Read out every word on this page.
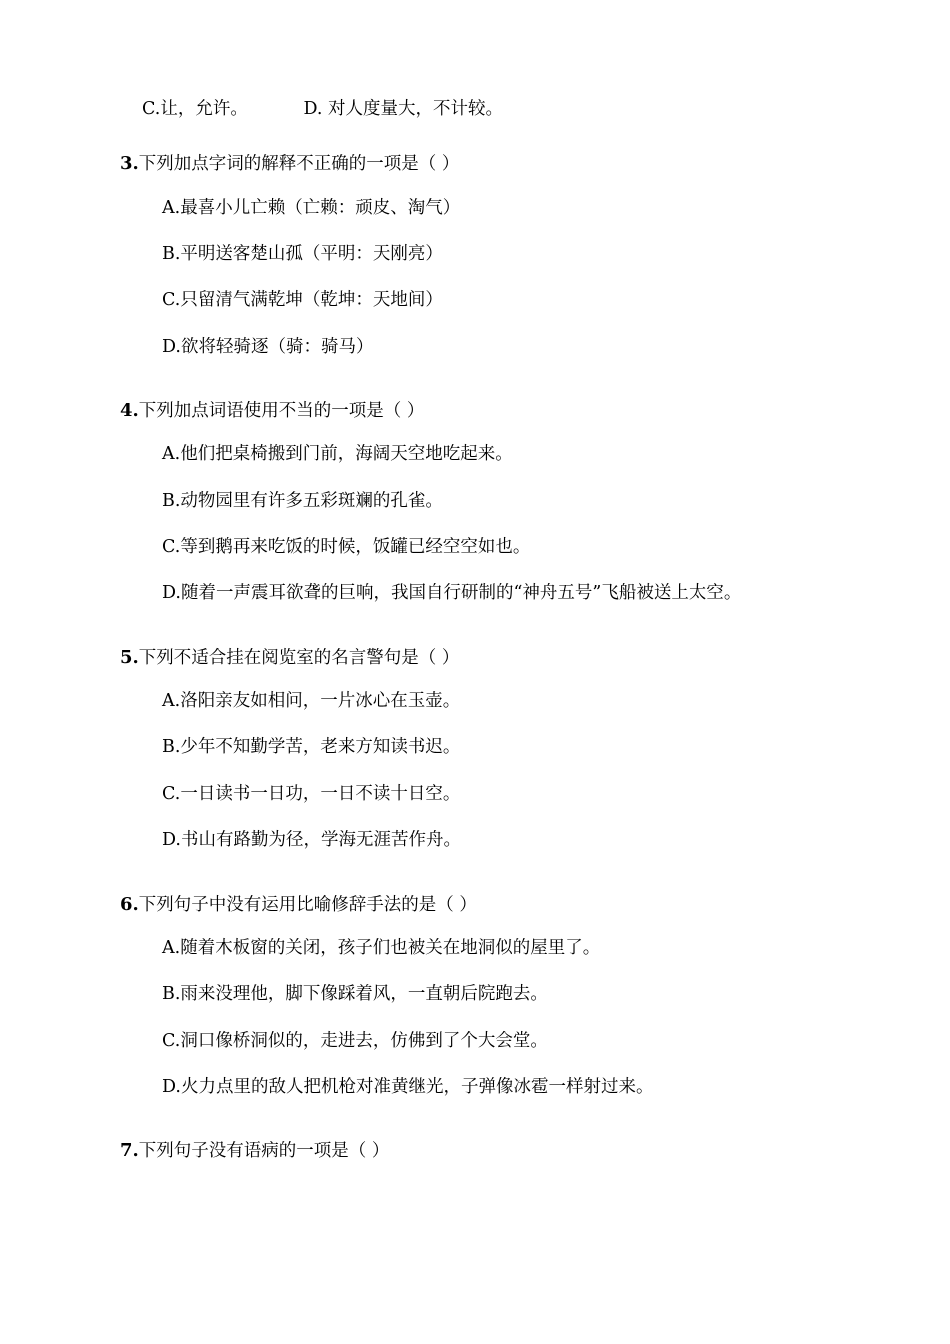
C.让，允许。          D. 对人度量大，不计较。

3.下列加点字词的解释不正确的一项是（ ）

A.最喜小儿亡赖（亡赖：顽皮、淘气）

B.平明送客楚山孤（平明：天刚亮）

C.只留清气满乾坤（乾坤：天地间）

D.欲将轻骑逐（骑：骑马）

4.下列加点词语使用不当的一项是（ ）

A.他们把桌椅搬到门前，海阔天空地吃起来。

B.动物园里有许多五彩斑斓的孔雀。

C.等到鹅再来吃饭的时候，饭罐已经空空如也。

D.随着一声震耳欲聋的巨响，我国自行研制的“神舟五号”飞船被送上太空。

5.下列不适合挂在阅览室的名言警句是（ ）

A.洛阳亲友如相问，一片冰心在玉壶。

B.少年不知勤学苦，老来方知读书迟。

C.一日读书一日功，一日不读十日空。

D.书山有路勤为径，学海无涯苦作舟。

6.下列句子中没有运用比喻修辞手法的是（ ）

A.随着木板窗的关闭，孩子们也被关在地洞似的屋里了。

B.雨来没理他，脚下像踩着风，一直朝后院跑去。

C.洞口像桥洞似的，走进去，仿佛到了个大会堂。

D.火力点里的敌人把机枪对准黄继光，子弹像冰雹一样射过来。

7.下列句子没有语病的一项是（ ）
